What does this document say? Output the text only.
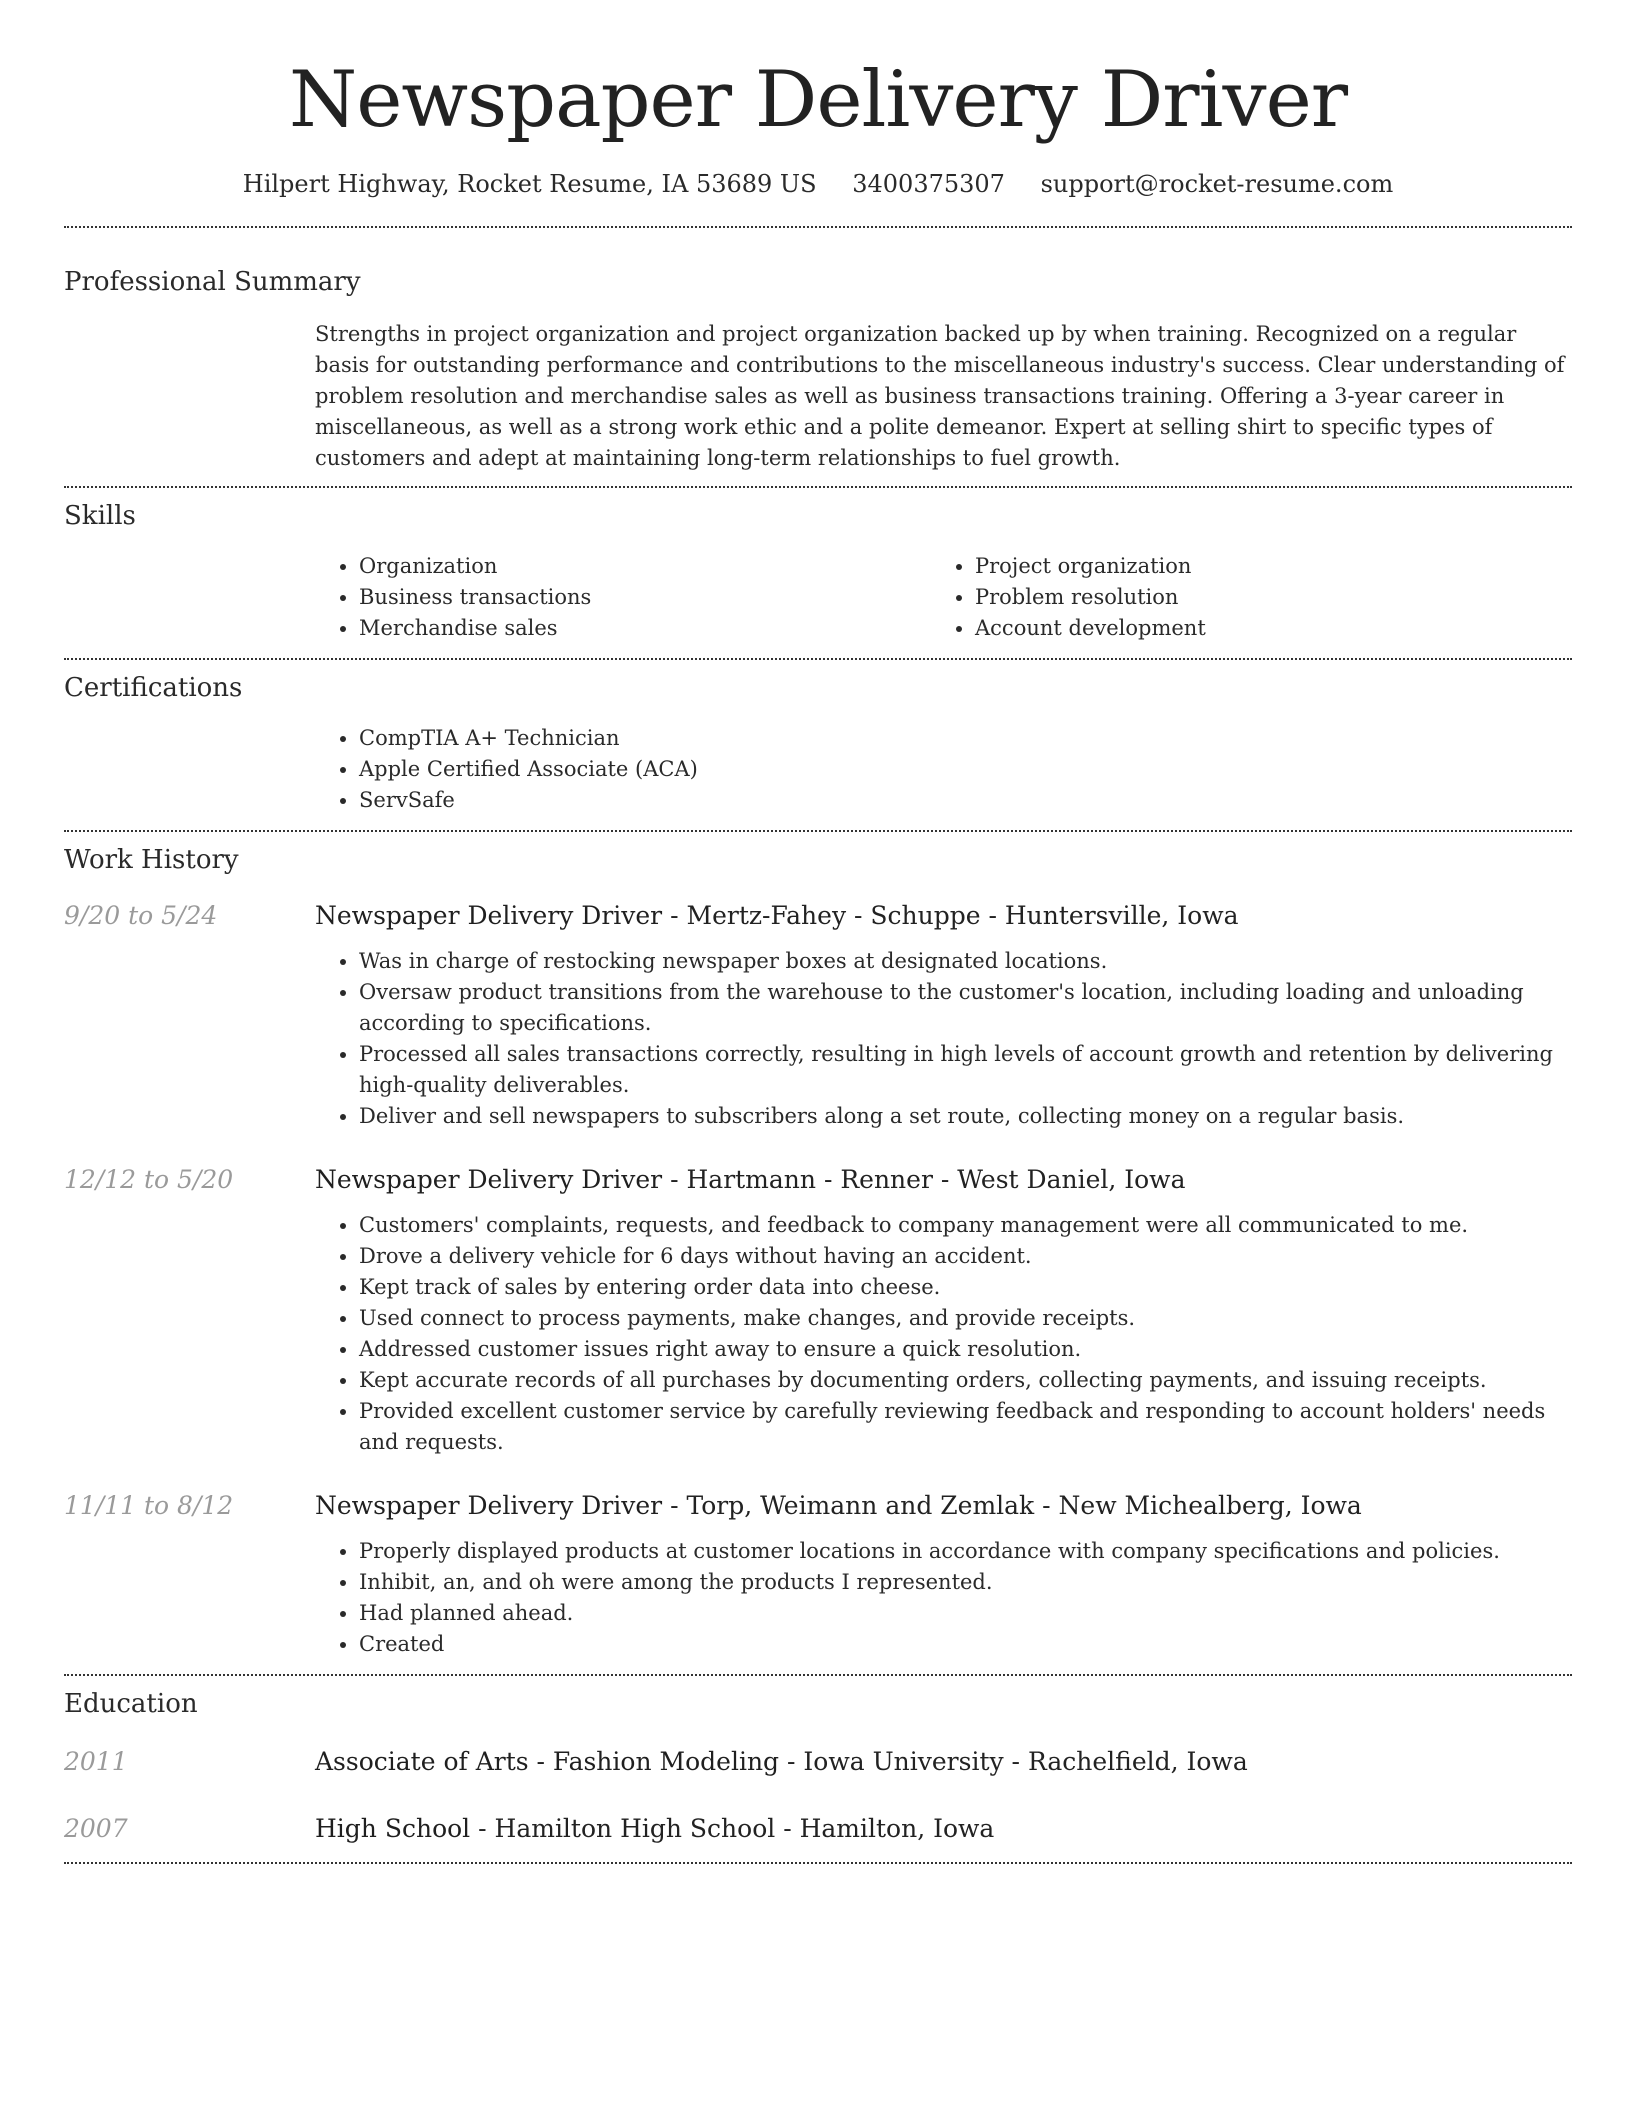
Newspaper Delivery Driver
Hilpert Highway, Rocket Resume, IA 53689 US 3400375307 support@rocket-resume.com
Professional Summary

Strengths in project organization and project organization backed up by when training. Recognized on a regular basis for outstanding performance and contributions to the miscellaneous industry's success. Clear understanding of problem resolution and merchandise sales as well as business transactions training. Offering a 3-year career in miscellaneous, as well as a strong work ethic and a polite demeanor. Expert at selling shirt to specific types of customers and adept at maintaining long-term relationships to fuel growth.

Skills
• Organization
• Business transactions
• Merchandise sales
• Project organization
• Problem resolution
• Account development
Certifications
• CompTIA A+ Technician
• Apple Certified Associate (ACA)
• ServSafe
Work History
9/20 to 5/24	Newspaper Delivery Driver - Mertz-Fahey - Schuppe - Huntersville, Iowa
• Was in charge of restocking newspaper boxes at designated locations.
• Oversaw product transitions from the warehouse to the customer's location, including loading and unloading according to specifications.
• Processed all sales transactions correctly, resulting in high levels of account growth and retention by delivering high-quality deliverables.
• Deliver and sell newspapers to subscribers along a set route, collecting money on a regular basis.
12/12 to 5/20	Newspaper Delivery Driver - Hartmann - Renner - West Daniel, Iowa
• Customers' complaints, requests, and feedback to company management were all communicated to me.
• Drove a delivery vehicle for 6 days without having an accident.
• Kept track of sales by entering order data into cheese.
• Used connect to process payments, make changes, and provide receipts.
• Addressed customer issues right away to ensure a quick resolution.
• Kept accurate records of all purchases by documenting orders, collecting payments, and issuing receipts.
• Provided excellent customer service by carefully reviewing feedback and responding to account holders' needs and requests.
11/11 to 8/12	Newspaper Delivery Driver - Torp, Weimann and Zemlak - New Michealberg, Iowa
• Properly displayed products at customer locations in accordance with company specifications and policies.
• Inhibit, an, and oh were among the products I represented.
• Had planned ahead.
• Created
Education
2011	Associate of Arts - Fashion Modeling - Iowa University - Rachelfield, Iowa
2007	High School - Hamilton High School - Hamilton, Iowa
